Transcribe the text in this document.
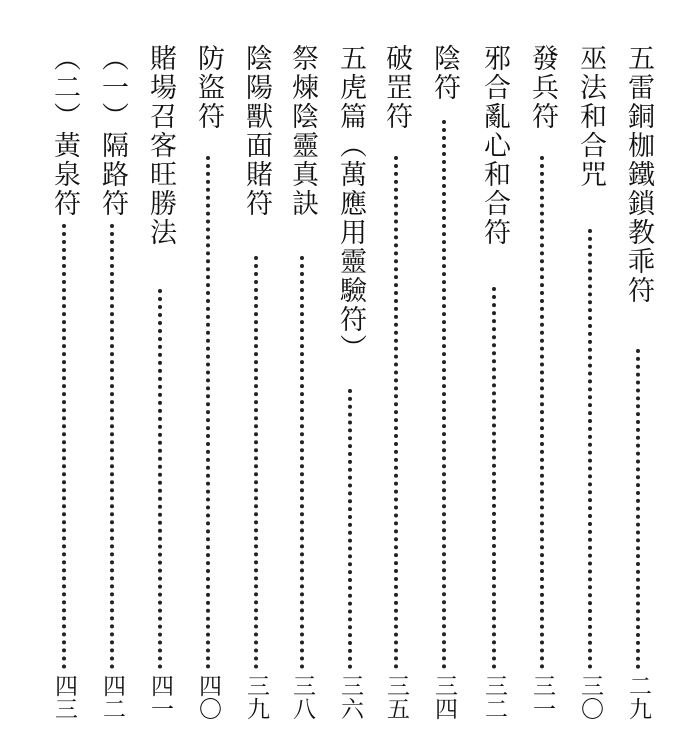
五雷銅枷鐵鎖教乖符
二九
巫法和合咒
三〇
發兵符
三一
邪合亂心和合符
三二
陰符
三四
破罡符
三五
五虎篇（萬應用靈驗符）
三六
祭煉陰靈真訣
三八
陰陽獸面賭符
三九
防盜符
四〇
賭場召客旺勝法
四一
（一）隔路符
四二
（二）黃泉符
四三
